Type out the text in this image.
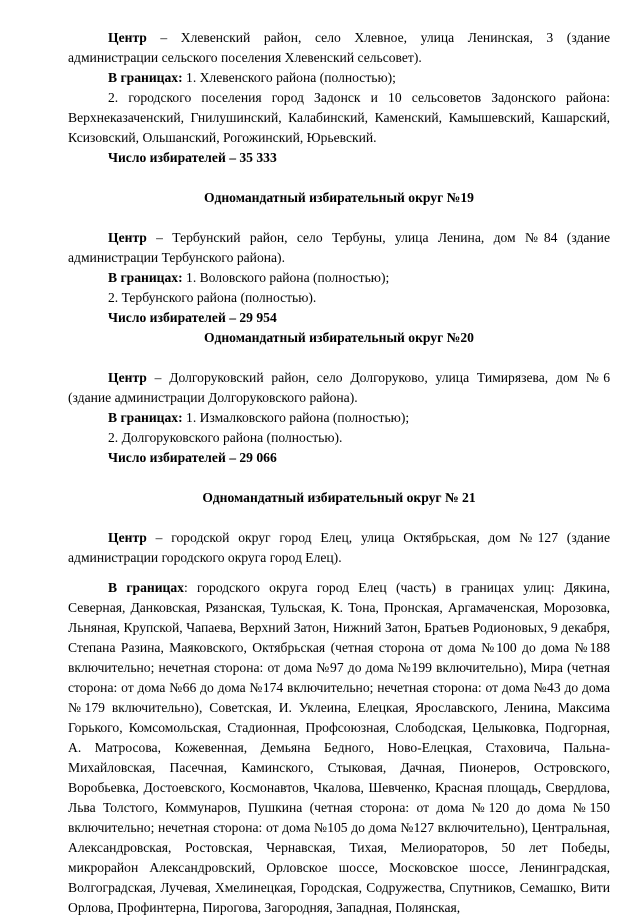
Центр – Хлевенский район, село Хлевное, улица Ленинская, 3 (здание администрации сельского поселения Хлевенский сельсовет).

В границах: 1. Хлевенского района (полностью);

2. городского поселения город Задонск и 10 сельсоветов Задонского района: Верхнеказаченский, Гнилушинский, Калабинский, Каменский, Камышевский, Кашарский, Ксизовский, Ольшанский, Рогожинский, Юрьевский.

Число избирателей – 35 333

Одномандатный избирательный округ №19

Центр – Тербунский район, село Тербуны, улица Ленина, дом №84 (здание администрации Тербунского района).

В границах: 1. Воловского района (полностью);

2. Тербунского района (полностью).

Число избирателей – 29 954

Одномандатный избирательный округ №20

Центр – Долгоруковский район, село Долгоруково, улица Тимирязева, дом №6 (здание администрации Долгоруковского района).

В границах: 1. Измалковского района (полностью);

2. Долгоруковского района (полностью).

Число избирателей – 29 066

Одномандатный избирательный округ № 21

Центр – городской округ город Елец, улица Октябрьская, дом №127 (здание администрации городского округа город Елец).

В границах: городского округа город Елец (часть) в границах улиц: Дякина, Северная, Данковская, Рязанская, Тульская, К. Тона, Пронская, Аргамаченская, Морозовка, Льняная, Крупской, Чапаева, Верхний Затон, Нижний Затон, Братьев Родионовых, 9 декабря, Степана Разина, Маяковского, Октябрьская (четная сторона от дома №100 до дома №188 включительно; нечетная сторона: от дома №97 до дома №199 включительно), Мира (четная сторона: от дома №66 до дома №174 включительно; нечетная сторона: от дома №43 до дома №179 включительно), Советская, И. Уклеина, Елецкая, Ярославского, Ленина, Максима Горького, Комсомольская, Стадионная, Профсоюзная, Слободская, Целыковка, Подгорная, А. Матросова, Кожевенная, Демьяна Бедного, Ново-Елецкая, Стаховича, Пальна-Михайловская, Пасечная, Каминского, Стыковая, Дачная, Пионеров, Островского, Воробьевка, Достоевского, Космонавтов, Чкалова, Шевченко, Красная площадь, Свердлова, Льва Толстого, Коммунаров, Пушкина (четная сторона: от дома №120 до дома №150 включительно; нечетная сторона: от дома №105 до дома №127 включительно), Центральная, Александровская, Ростовская, Чернавская, Тихая, Мелиораторов, 50 лет Победы, микрорайон Александровский, Орловское шоссе, Московское шоссе, Ленинградская, Волгоградская, Лучевая, Хмелинецкая, Городская, Содружества, Спутников, Семашко, Вити Орлова, Профинтерна, Пирогова, Загородняя, Западная, Полянская,
